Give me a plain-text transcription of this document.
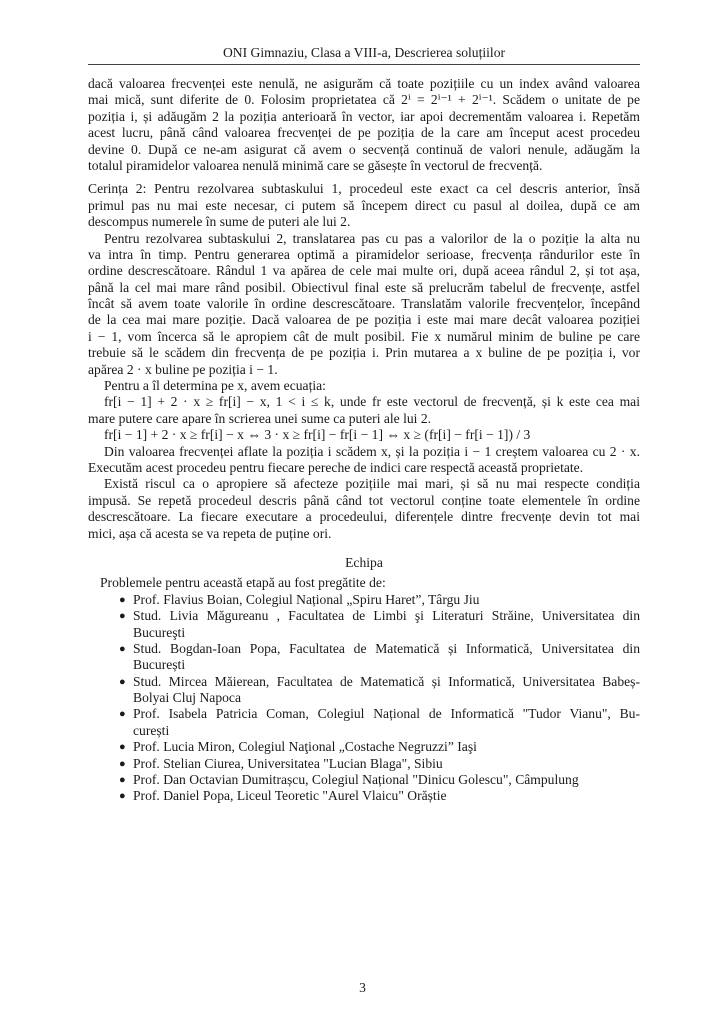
ONI Gimnaziu, Clasa a VIII-a, Descrierea soluțiilor
dacă valoarea frecvenței este nenulă, ne asigurăm că toate pozițiile cu un index având valoarea
mai mică, sunt diferite de 0. Folosim proprietatea că 2ⁱ = 2ⁱ⁻¹ + 2ⁱ⁻¹. Scădem o unitate de pe
poziția i, și adăugăm 2 la poziția anterioară în vector, iar apoi decrementăm valoarea i. Repetăm
acest lucru, până când valoarea frecvenței de pe poziția de la care am început acest procedeu
devine 0. După ce ne-am asigurat că avem o secvență continuă de valori nenule, adăugăm la
totalul piramidelor valoarea nenulă minimă care se găsește în vectorul de frecvență.
Cerința 2: Pentru rezolvarea subtaskului 1, procedeul este exact ca cel descris anterior, însă
primul pas nu mai este necesar, ci putem să începem direct cu pasul al doilea, după ce am
descompus numerele în sume de puteri ale lui 2.
Pentru rezolvarea subtaskului 2, translatarea pas cu pas a valorilor de la o poziție la alta nu
va intra în timp. Pentru generarea optimă a piramidelor serioase, frecvența rândurilor este în
ordine descrescătoare. Rândul 1 va apărea de cele mai multe ori, după aceea rândul 2, și tot așa,
până la cel mai mare rând posibil. Obiectivul final este să prelucrăm tabelul de frecvențe, astfel
încât să avem toate valorile în ordine descrescătoare. Translatăm valorile frecvențelor, începând
de la cea mai mare poziție. Dacă valoarea de pe poziția i este mai mare decât valoarea poziției
i − 1, vom încerca să le apropiem cât de mult posibil. Fie x numărul minim de buline pe care
trebuie să le scădem din frecvența de pe poziția i. Prin mutarea a x buline de pe poziția i, vor
apărea 2 · x buline pe poziția i − 1.
Pentru a îl determina pe x, avem ecuația:
fr[i − 1] + 2 · x ≥ fr[i] − x, 1 < i ≤ k, unde fr este vectorul de frecvență, și k este cea mai
mare putere care apare în scrierea unei sume ca puteri ale lui 2.
fr[i − 1] + 2 · x ≥ fr[i] − x ⇔ 3 · x ≥ fr[i] − fr[i − 1] ⇔ x ≥ (fr[i] − fr[i − 1]) / 3
Din valoarea frecvenței aflate la poziția i scădem x, și la poziția i − 1 creștem valoarea cu 2 · x.
Executăm acest procedeu pentru fiecare pereche de indici care respectă această proprietate.
Există riscul ca o apropiere să afecteze pozițiile mai mari, și să nu mai respecte condiția
impusă. Se repetă procedeul descris până când tot vectorul conține toate elementele în ordine
descrescătoare. La fiecare executare a procedeului, diferențele dintre frecvențe devin tot mai
mici, așa că acesta se va repeta de puține ori.
Echipa
Problemele pentru această etapă au fost pregătite de:
● Prof. Flavius Boian, Colegiul Național „Spiru Haret”, Târgu Jiu
● Stud. Livia Măgureanu , Facultatea de Limbi şi Literaturi Străine, Universitatea din
Bucureşti
● Stud. Bogdan-Ioan Popa, Facultatea de Matematică și Informatică, Universitatea din
București
● Stud. Mircea Măierean, Facultatea de Matematică și Informatică, Universitatea Babeș-
Bolyai Cluj Napoca
● Prof. Isabela Patricia Coman, Colegiul Național de Informatică "Tudor Vianu", Bu-
curești
● Prof. Lucia Miron, Colegiul Naţional „Costache Negruzzi” Iaşi
● Prof. Stelian Ciurea, Universitatea "Lucian Blaga", Sibiu
● Prof. Dan Octavian Dumitrașcu, Colegiul Național "Dinicu Golescu", Câmpulung
● Prof. Daniel Popa, Liceul Teoretic "Aurel Vlaicu" Orăștie
3
